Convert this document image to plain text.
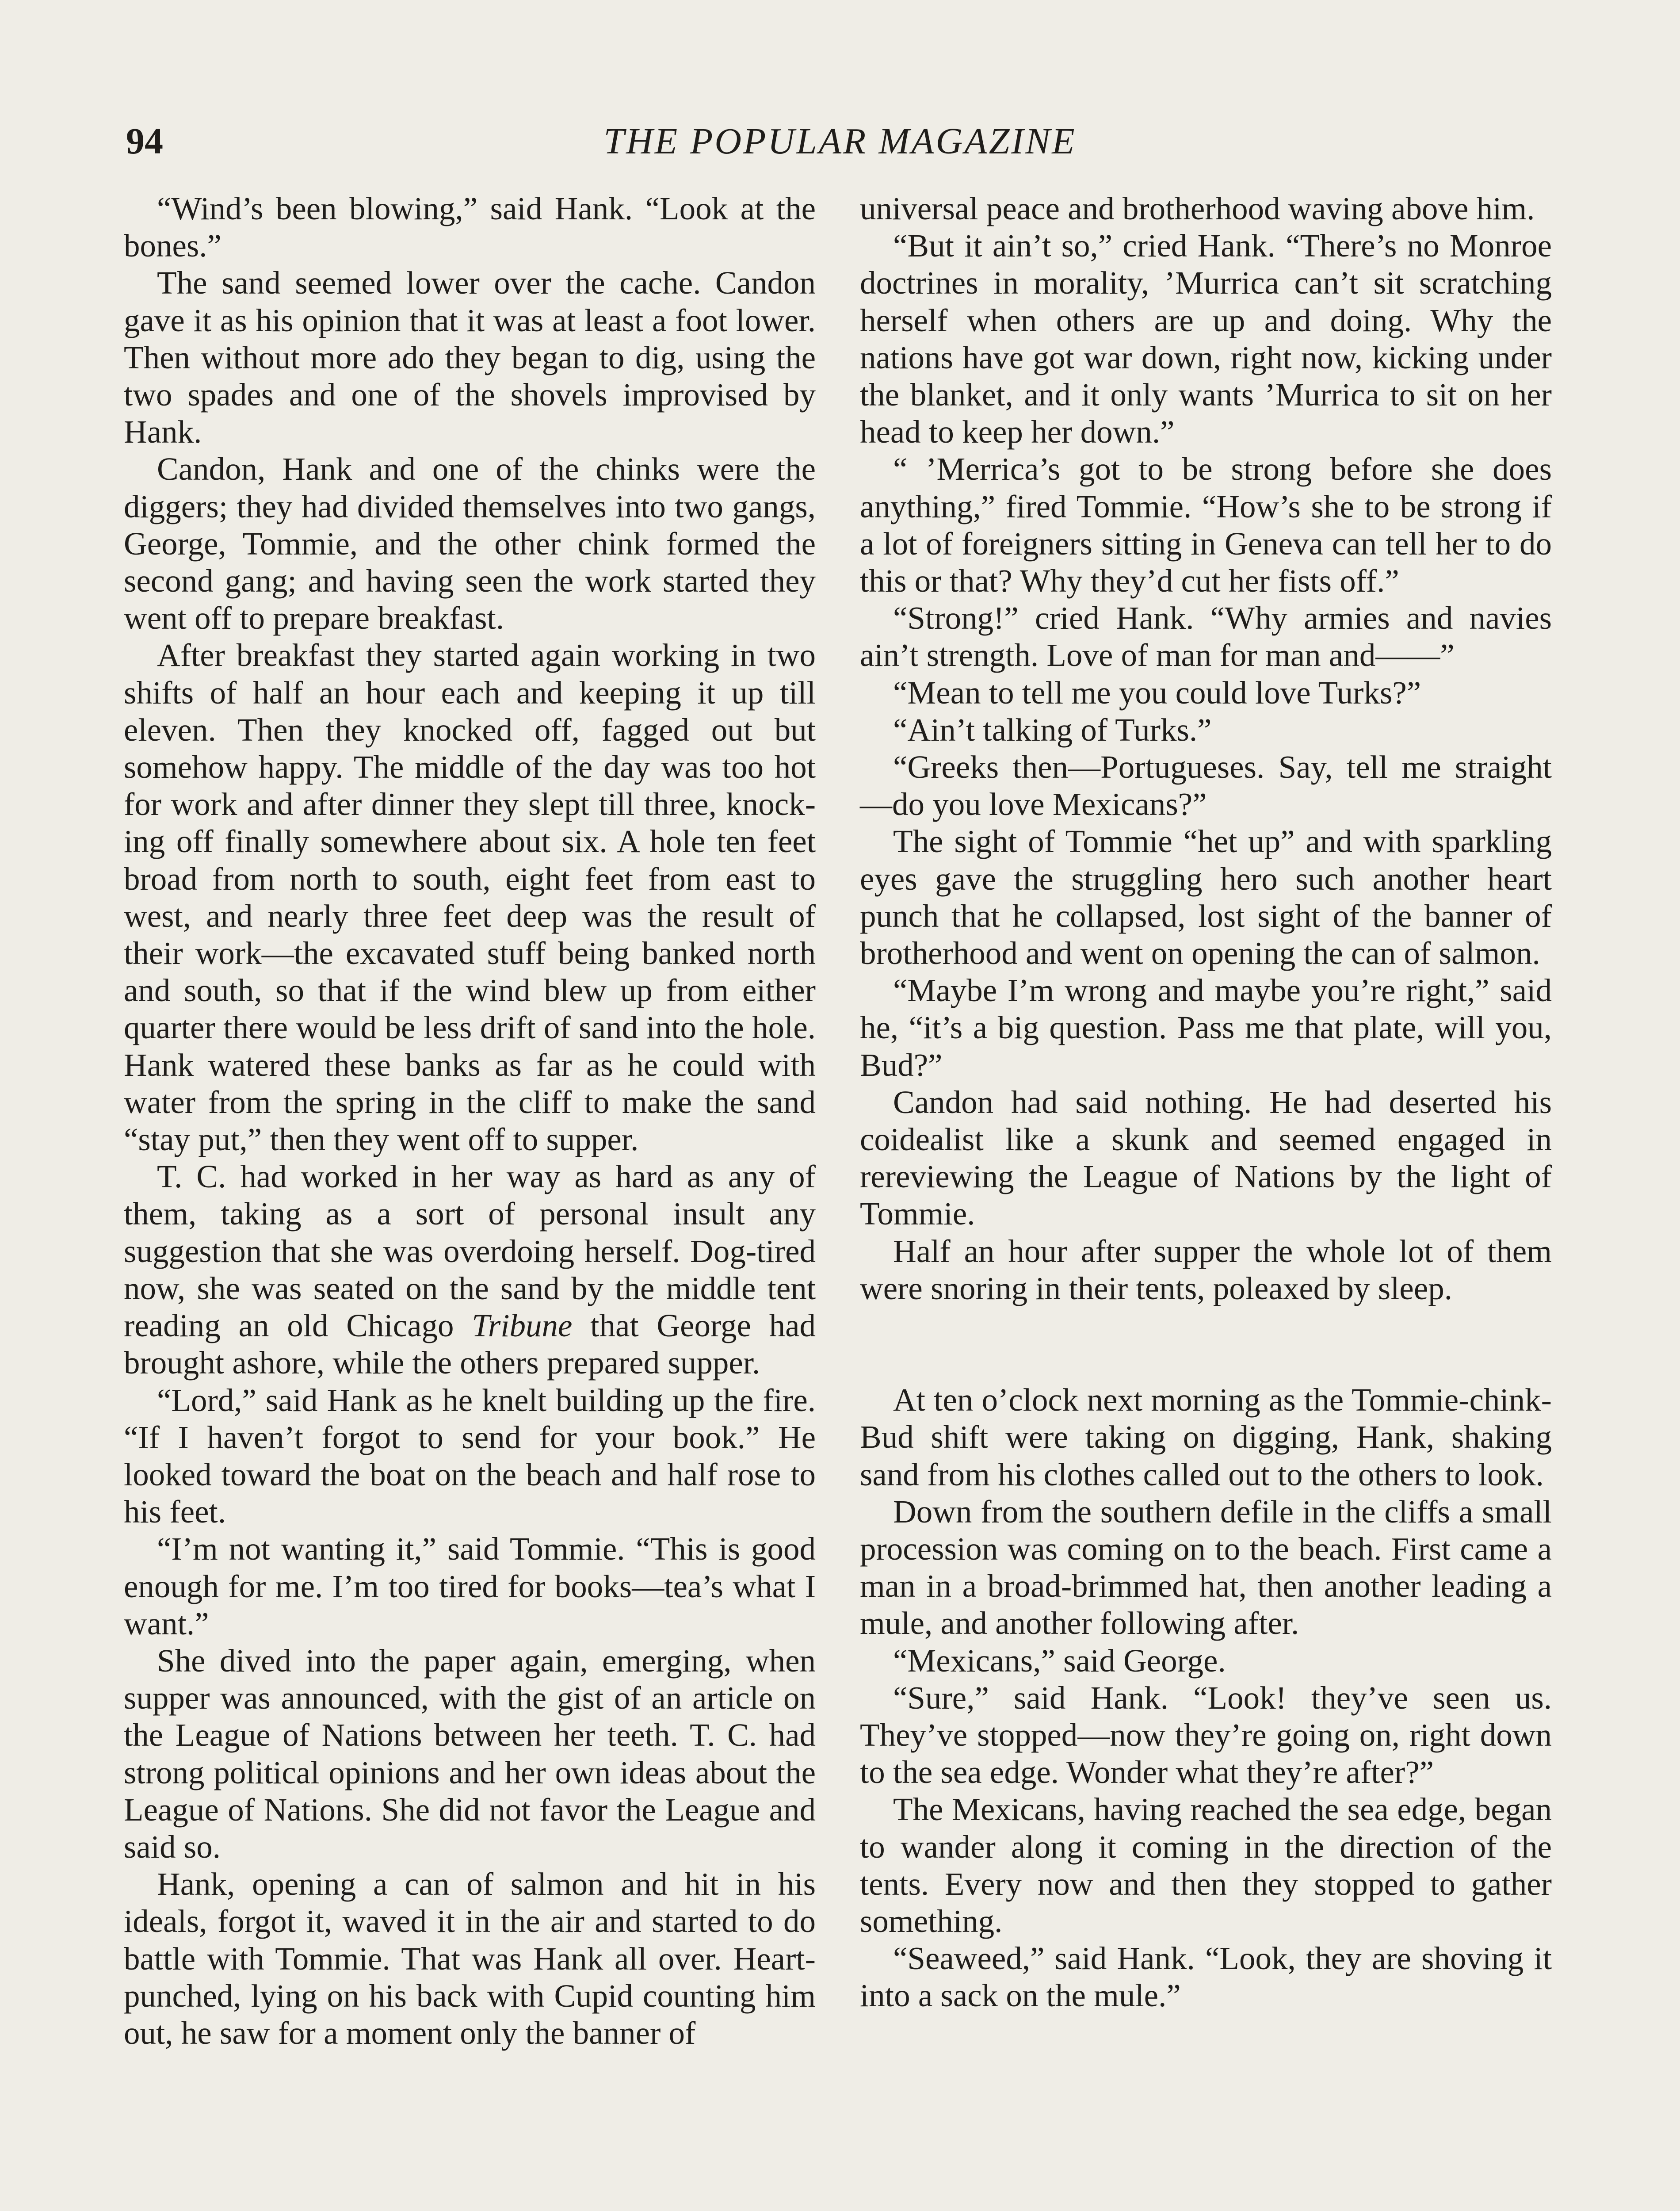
94	THE POPULAR MAGAZINE

“Wind’s been blowing,” said Hank. “Look at the bones.”

The sand seemed lower over the cache. Candon gave it as his opinion that it was at least a foot lower. Then without more ado they began to dig, using the two spades and one of the shovels improvised by Hank.

Candon, Hank and one of the chinks were the diggers; they had divided themselves into two gangs, George, Tommie, and the other chink formed the second gang; and having seen the work started they went off to prepare breakfast.

After breakfast they started again working in two shifts of half an hour each and keeping it up till eleven. Then they knocked off, fagged out but somehow happy. The middle of the day was too hot for work and after dinner they slept till three, knocking off finally somewhere about six. A hole ten feet broad from north to south, eight feet from east to west, and nearly three feet deep was the result of their work—the excavated stuff being banked north and south, so that if the wind blew up from either quarter there would be less drift of sand into the hole. Hank watered these banks as far as he could with water from the spring in the cliff to make the sand “stay put,” then they went off to supper.

T. C. had worked in her way as hard as any of them, taking as a sort of personal insult any suggestion that she was overdoing herself. Dog-tired now, she was seated on the sand by the middle tent reading an old Chicago Tribune that George had brought ashore, while the others prepared supper.

“Lord,” said Hank as he knelt building up the fire. “If I haven’t forgot to send for your book.” He looked toward the boat on the beach and half rose to his feet.

“I’m not wanting it,” said Tommie. “This is good enough for me. I’m too tired for books—tea’s what I want.”

She dived into the paper again, emerging, when supper was announced, with the gist of an article on the League of Nations between her teeth. T. C. had strong political opinions and her own ideas about the League of Nations. She did not favor the League and said so.

Hank, opening a can of salmon and hit in his ideals, forgot it, waved it in the air and started to do battle with Tommie. That was Hank all over. Heart-punched, lying on his back with Cupid counting him out, he saw for a moment only the banner of

universal peace and brotherhood waving above him.

“But it ain’t so,” cried Hank. “There’s no Monroe doctrines in morality, ’Murrica can’t sit scratching herself when others are up and doing. Why the nations have got war down, right now, kicking under the blanket, and it only wants ’Murrica to sit on her head to keep her down.”

“ ’Merrica’s got to be strong before she does anything,” fired Tommie. “How’s she to be strong if a lot of foreigners sitting in Geneva can tell her to do this or that? Why they’d cut her fists off.”

“Strong!” cried Hank. “Why armies and navies ain’t strength. Love of man for man and——”

“Mean to tell me you could love Turks?”

“Ain’t talking of Turks.”

“Greeks then—Portugueses. Say, tell me straight—do you love Mexicans?”

The sight of Tommie “het up” and with sparkling eyes gave the struggling hero such another heart punch that he collapsed, lost sight of the banner of brotherhood and went on opening the can of salmon.

“Maybe I’m wrong and maybe you’re right,” said he, “it’s a big question. Pass me that plate, will you, Bud?”

Candon had said nothing. He had deserted his coidealist like a skunk and seemed engaged in rereviewing the League of Nations by the light of Tommie.

Half an hour after supper the whole lot of them were snoring in their tents, poleaxed by sleep.

At ten o’clock next morning as the Tommie-chink-Bud shift were taking on digging, Hank, shaking sand from his clothes called out to the others to look.

Down from the southern defile in the cliffs a small procession was coming on to the beach. First came a man in a broad-brimmed hat, then another leading a mule, and another following after.

“Mexicans,” said George.

“Sure,” said Hank. “Look! they’ve seen us. They’ve stopped—now they’re going on, right down to the sea edge. Wonder what they’re after?”

The Mexicans, having reached the sea edge, began to wander along it coming in the direction of the tents. Every now and then they stopped to gather something.

“Seaweed,” said Hank. “Look, they are shoving it into a sack on the mule.”
